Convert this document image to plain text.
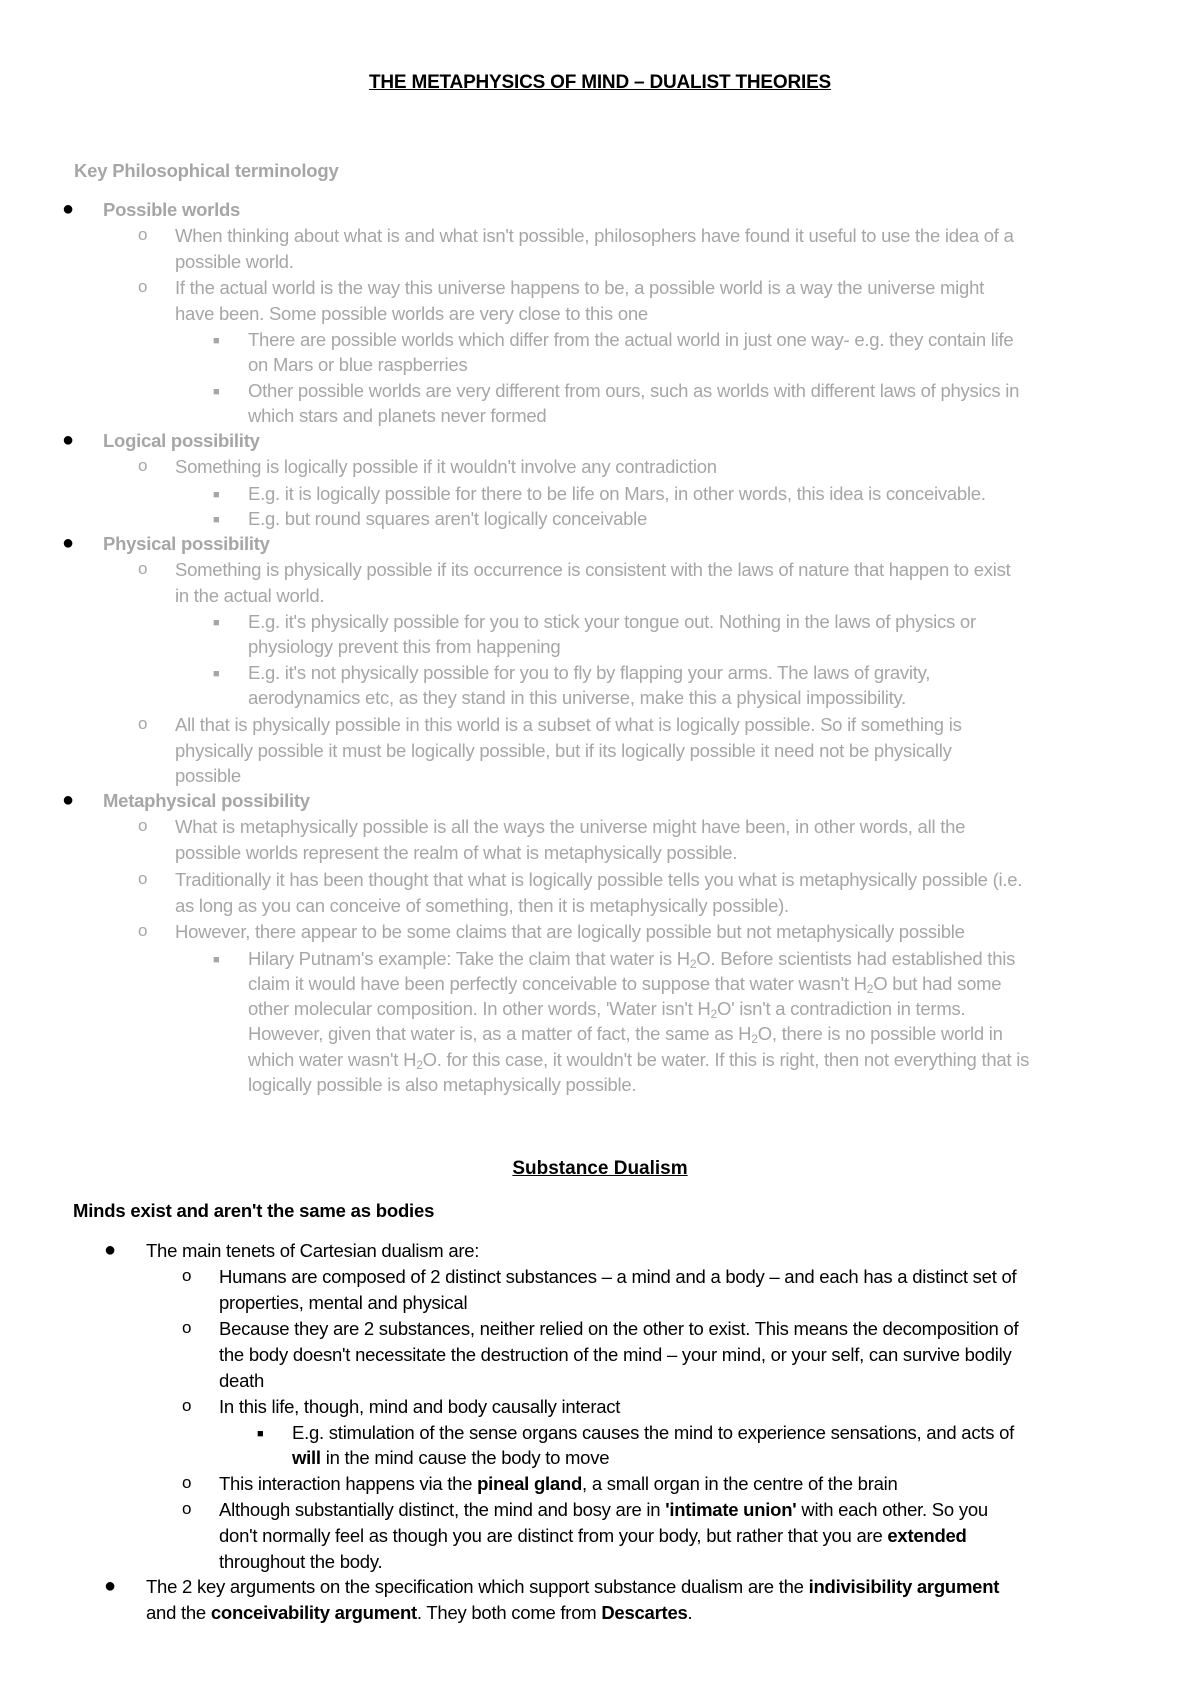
THE METAPHYSICS OF MIND – DUALIST THEORIES
Key Philosophical terminology
● Possible worlds
o When thinking about what is and what isn't possible, philosophers have found it useful to use the idea of a
possible world.
o If the actual world is the way this universe happens to be, a possible world is a way the universe might
have been. Some possible worlds are very close to this one
■ There are possible worlds which differ from the actual world in just one way- e.g. they contain life
on Mars or blue raspberries
■ Other possible worlds are very different from ours, such as worlds with different laws of physics in
which stars and planets never formed
● Logical possibility
o Something is logically possible if it wouldn't involve any contradiction
■ E.g. it is logically possible for there to be life on Mars, in other words, this idea is conceivable.
■ E.g. but round squares aren't logically conceivable
● Physical possibility
o Something is physically possible if its occurrence is consistent with the laws of nature that happen to exist
in the actual world.
■ E.g. it's physically possible for you to stick your tongue out. Nothing in the laws of physics or
physiology prevent this from happening
■ E.g. it's not physically possible for you to fly by flapping your arms. The laws of gravity,
aerodynamics etc, as they stand in this universe, make this a physical impossibility.
o All that is physically possible in this world is a subset of what is logically possible. So if something is
physically possible it must be logically possible, but if its logically possible it need not be physically
possible
● Metaphysical possibility
o What is metaphysically possible is all the ways the universe might have been, in other words, all the
possible worlds represent the realm of what is metaphysically possible.
o Traditionally it has been thought that what is logically possible tells you what is metaphysically possible (i.e.
as long as you can conceive of something, then it is metaphysically possible).
o However, there appear to be some claims that are logically possible but not metaphysically possible
■ Hilary Putnam's example: Take the claim that water is $H_2O$. Before scientists had established this
claim it would have been perfectly conceivable to suppose that water wasn't $H_2O$ but had some
other molecular composition. In other words, 'Water isn't $H_2O'$ isn't a contradiction in terms.
However, given that water is, as a matter of fact, the same as $H_2O$, there is no possible world in
which water wasn't $H_2O$. for this case, it wouldn't be water. If this is right, then not everything that is
logically possible is also metaphysically possible.
Substance Dualism
Minds exist and aren't the same as bodies
● The main tenets of Cartesian dualism are:
o Humans are composed of 2 distinct substances – a mind and a body – and each has a distinct set of
properties, mental and physical
o Because they are 2 substances, neither relied on the other to exist. This means the decomposition of
the body doesn't necessitate the destruction of the mind – your mind, or your self, can survive bodily
death
o In this life, though, mind and body causally interact
■ E.g. stimulation of the sense organs causes the mind to experience sensations, and acts of
will in the mind cause the body to move
o This interaction happens via the pineal gland, a small organ in the centre of the brain
o Although substantially distinct, the mind and bosy are in 'intimate union' with each other. So you
don't normally feel as though you are distinct from your body, but rather that you are extended
throughout the body.
● The 2 key arguments on the specification which support substance dualism are the indivisibility argument
and the conceivability argument. They both come from Descartes.
